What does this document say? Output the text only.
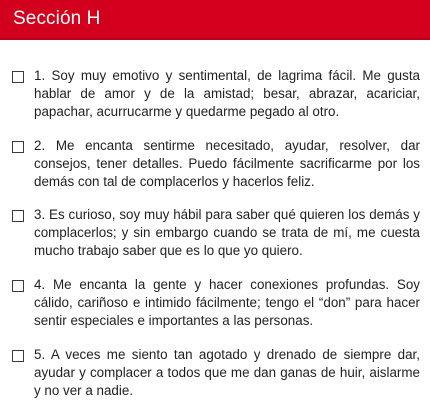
Sección H
1. Soy muy emotivo y sentimental, de lagrima fácil. Me gusta hablar de amor y de la amistad; besar, abrazar, acariciar, papachar, acurrucarme y quedarme pegado al otro.
2. Me encanta sentirme necesitado, ayudar, resolver, dar consejos, tener detalles. Puedo fácilmente sacrificarme por los demás con tal de complacerlos y hacerlos feliz.
3. Es curioso, soy muy hábil para saber qué quieren los demás y complacerlos; y sin embargo cuando se trata de mí, me cuesta mucho trabajo saber que es lo que yo quiero.
4. Me encanta la gente y hacer conexiones profundas. Soy cálido, cariñoso e intimido fácilmente; tengo el “don” para hacer sentir especiales e importantes a las personas.
5. A veces me siento tan agotado y drenado de siempre dar, ayudar y complacer a todos que me dan ganas de huir, aislarme y no ver a nadie.
